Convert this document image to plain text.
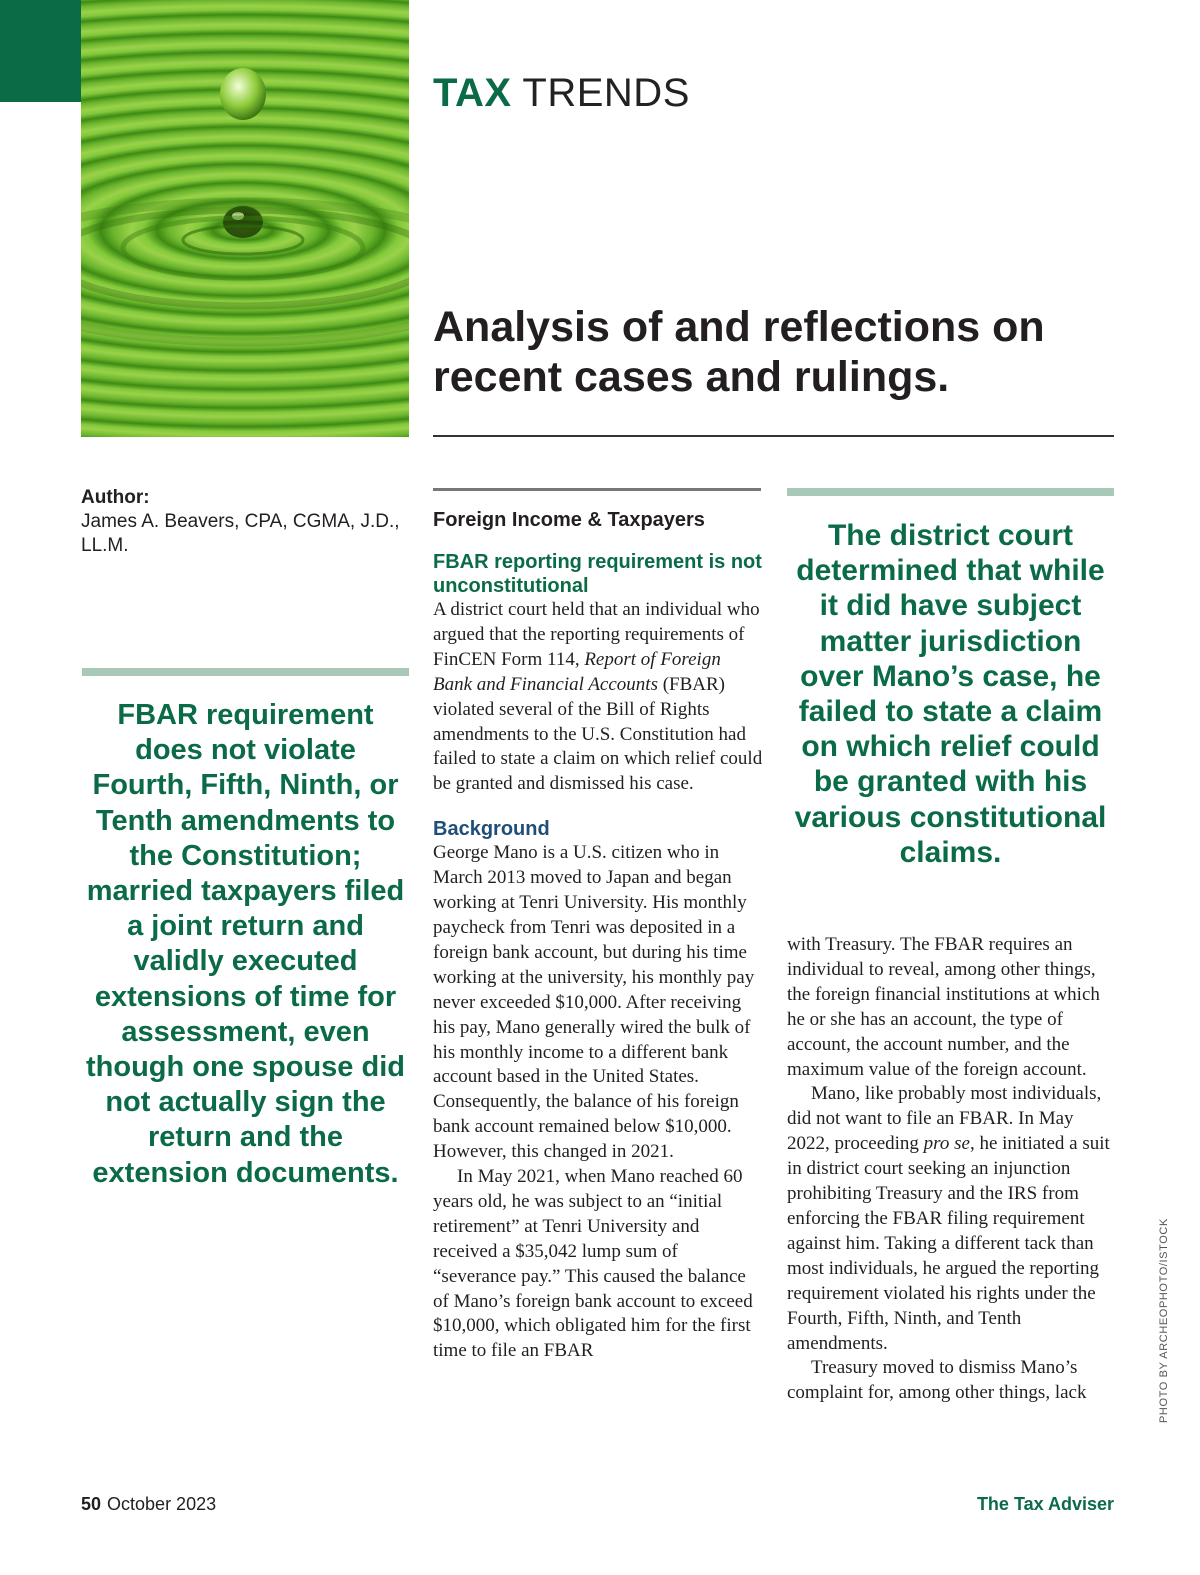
TAX TRENDS
Analysis of and reflections on recent cases and rulings.
Author:
James A. Beavers, CPA, CGMA, J.D., LL.M.

FBAR requirement does not violate Fourth, Fifth, Ninth, or Tenth amendments to the Constitution; married taxpayers filed a joint return and validly executed extensions of time for assessment, even though one spouse did not actually sign the return and the extension documents.

Foreign Income & Taxpayers
FBAR reporting requirement is not unconstitutional

A district court held that an individual who argued that the reporting requirements of FinCEN Form 114, Report of Foreign Bank and Financial Accounts (FBAR) violated several of the Bill of Rights amendments to the U.S. Constitution had failed to state a claim on which relief could be granted and dismissed his case.

Background

George Mano is a U.S. citizen who in March 2013 moved to Japan and began working at Tenri University. His monthly paycheck from Tenri was deposited in a foreign bank account, but during his time working at the university, his monthly pay never exceeded $10,000. After receiving his pay, Mano generally wired the bulk of his monthly income to a different bank account based in the United States. Consequently, the balance of his foreign bank account remained below $10,000. However, this changed in 2021.

In May 2021, when Mano reached 60 years old, he was subject to an “initial retirement” at Tenri University and received a $35,042 lump sum of “severance pay.” This caused the balance of Mano’s foreign bank account to exceed $10,000, which obligated him for the first time to file an FBAR

The district court determined that while it did have subject matter jurisdiction over Mano’s case, he failed to state a claim on which relief could be granted with his various constitutional claims.

with Treasury. The FBAR requires an individual to reveal, among other things, the foreign financial institutions at which he or she has an account, the type of account, the account number, and the maximum value of the foreign account.

Mano, like probably most individuals, did not want to file an FBAR. In May 2022, proceeding pro se, he initiated a suit in district court seeking an injunction prohibiting Treasury and the IRS from enforcing the FBAR filing requirement against him. Taking a different tack than most individuals, he argued the reporting requirement violated his rights under the Fourth, Fifth, Ninth, and Tenth amendments.

Treasury moved to dismiss Mano’s complaint for, among other things, lack	PHOTO BY ARCHEOPHOTO/ISTOCK

50 October 2023	The Tax Adviser
